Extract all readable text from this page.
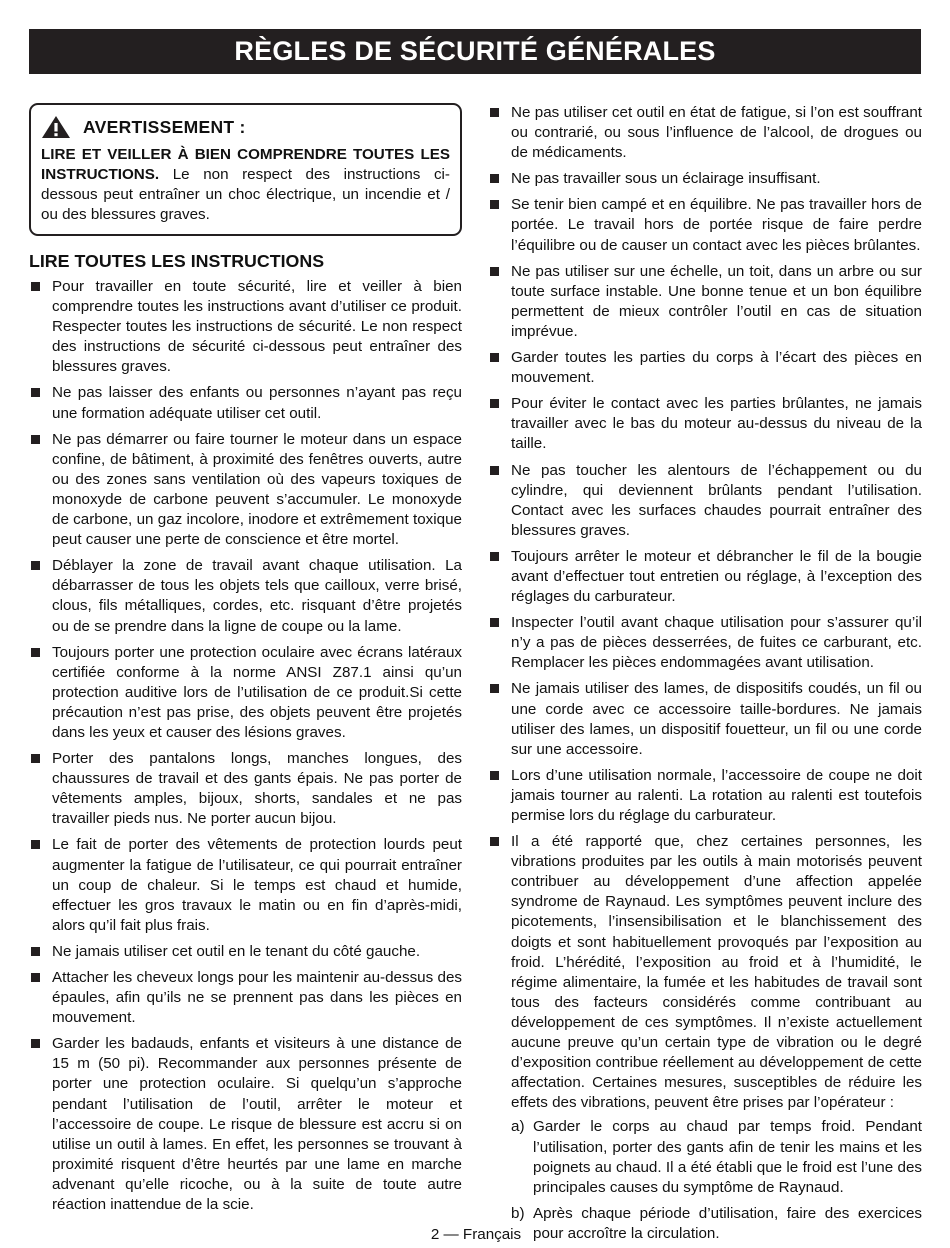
RÈGLES DE SÉCURITÉ GÉNÉRALES
AVERTISSEMENT :
LIRE ET VEILLER À BIEN COMPRENDRE TOUTES LES INSTRUCTIONS. Le non respect des instructions ci-dessous peut entraîner un choc électrique, un incendie et / ou des blessures graves.
LIRE TOUTES LES INSTRUCTIONS
Pour travailler en toute sécurité, lire et veiller à bien comprendre toutes les instructions avant d’utiliser ce produit. Respecter toutes les instructions de sécurité. Le non respect des instructions de sécurité ci-dessous peut entraîner des blessures graves.
Ne pas laisser des enfants ou personnes n’ayant pas reçu une formation adéquate utiliser cet outil.
Ne pas démarrer ou faire tourner le moteur dans un espace confine, de bâtiment, à proximité des fenêtres ouverts, autre ou des zones sans ventilation où des vapeurs toxiques de monoxyde de carbone peuvent s’accumuler. Le monoxyde de carbone, un gaz incolore, inodore et extrêmement toxique peut causer une perte de conscience et être mortel.
Déblayer la zone de travail avant chaque utilisation. La débarrasser de tous les objets tels que cailloux, verre brisé, clous, fils métalliques, cordes, etc. risquant d’être projetés ou de se prendre dans la ligne de coupe ou la lame.
Toujours porter une protection oculaire avec écrans latéraux certifiée conforme à la norme ANSI Z87.1 ainsi qu’un protection auditive lors de l’utilisation de ce produit.Si cette précaution n’est pas prise, des objets peuvent être projetés dans les yeux et causer des lésions graves.
Porter des pantalons longs, manches longues, des chaussures de travail et des gants épais. Ne pas porter de vêtements amples, bijoux, shorts, sandales et ne pas travailler pieds nus. Ne porter aucun bijou.
Le fait de porter des vêtements de protection lourds peut augmenter la fatigue de l’utilisateur, ce qui pourrait entraîner un coup de chaleur. Si le temps est chaud et humide, effectuer les gros travaux le matin ou en fin d’après-midi, alors qu’il fait plus frais.
Ne jamais utiliser cet outil en le tenant du côté gauche.
Attacher les cheveux longs pour les maintenir au-dessus des épaules, afin qu’ils ne se prennent pas dans les pièces en mouvement.
Garder les badauds, enfants et visiteurs à une distance de 15 m (50 pi). Recommander aux personnes présente de porter une protection oculaire. Si quelqu’un s’approche pendant l’utilisation de l’outil, arrêter le moteur et l’accessoire de coupe. Le risque de blessure est accru si on utilise un outil à lames. En effet, les personnes se trouvant à proximité risquent d’être heurtés par une lame en marche advenant qu’elle ricoche, ou à la suite de toute autre réaction inattendue de la scie.
Ne pas utiliser cet outil en état de fatigue, si l’on est souffrant ou contrarié, ou sous l’influence de l’alcool, de drogues ou de médicaments.
Ne pas travailler sous un éclairage insuffisant.
Se tenir bien campé et en équilibre. Ne pas travailler hors de portée. Le travail hors de portée risque de faire perdre l’équilibre ou de causer un contact avec les pièces brûlantes.
Ne pas utiliser sur une échelle, un toit, dans un arbre ou sur toute surface instable. Une bonne tenue et un bon équilibre permettent de mieux contrôler l’outil en cas de situation imprévue.
Garder toutes les parties du corps à l’écart des pièces en mouvement.
Pour éviter le contact avec les parties brûlantes, ne jamais travailler avec le bas du moteur au-dessus du niveau de la taille.
Ne pas toucher les alentours de l’échappement ou du cylindre, qui deviennent brûlants pendant l’utilisation. Contact avec les surfaces chaudes pourrait entraîner des blessures graves.
Toujours arrêter le moteur et débrancher le fil de la bougie avant d’effectuer tout entretien ou réglage, à l’exception des réglages du carburateur.
Inspecter l’outil avant chaque utilisation pour s’assurer qu’il n’y a pas de pièces desserrées, de fuites ce carburant, etc. Remplacer les pièces endommagées avant utilisation.
Ne jamais utiliser des lames, de dispositifs coudés, un fil ou une corde avec ce accessoire taille-bordures. Ne jamais utiliser des lames, un dispositif fouetteur, un fil ou une corde sur une accessoire.
Lors d’une utilisation normale, l’accessoire de coupe ne doit jamais tourner au ralenti. La rotation au ralenti est toutefois permise lors du réglage du carburateur.
Il a été rapporté que, chez certaines personnes, les vibrations produites par les outils à main motorisés peuvent contribuer au développement d’une affection appelée syndrome de Raynaud. Les symptômes peuvent inclure des picotements, l’insensibilisation et le blanchissement des doigts et sont habituellement provoqués par l’exposition au froid. L’hérédité, l’exposition au froid et à l’humidité, le régime alimentaire, la fumée et les habitudes de travail sont tous des facteurs considérés comme contribuant au développement de ces symptômes. Il n’existe actuellement aucune preuve qu’un certain type de vibration ou le degré d’exposition contribue réellement au développement de cette affectation. Certaines mesures, susceptibles de réduire les effets des vibrations, peuvent être prises par l’opérateur :
a) Garder le corps au chaud par temps froid. Pendant l’utilisation, porter des gants afin de tenir les mains et les poignets au chaud. Il a été établi que le froid est l’une des principales causes du symptôme de Raynaud.
b) Après chaque période d’utilisation, faire des exercices pour accroître la circulation.
2 — Français
